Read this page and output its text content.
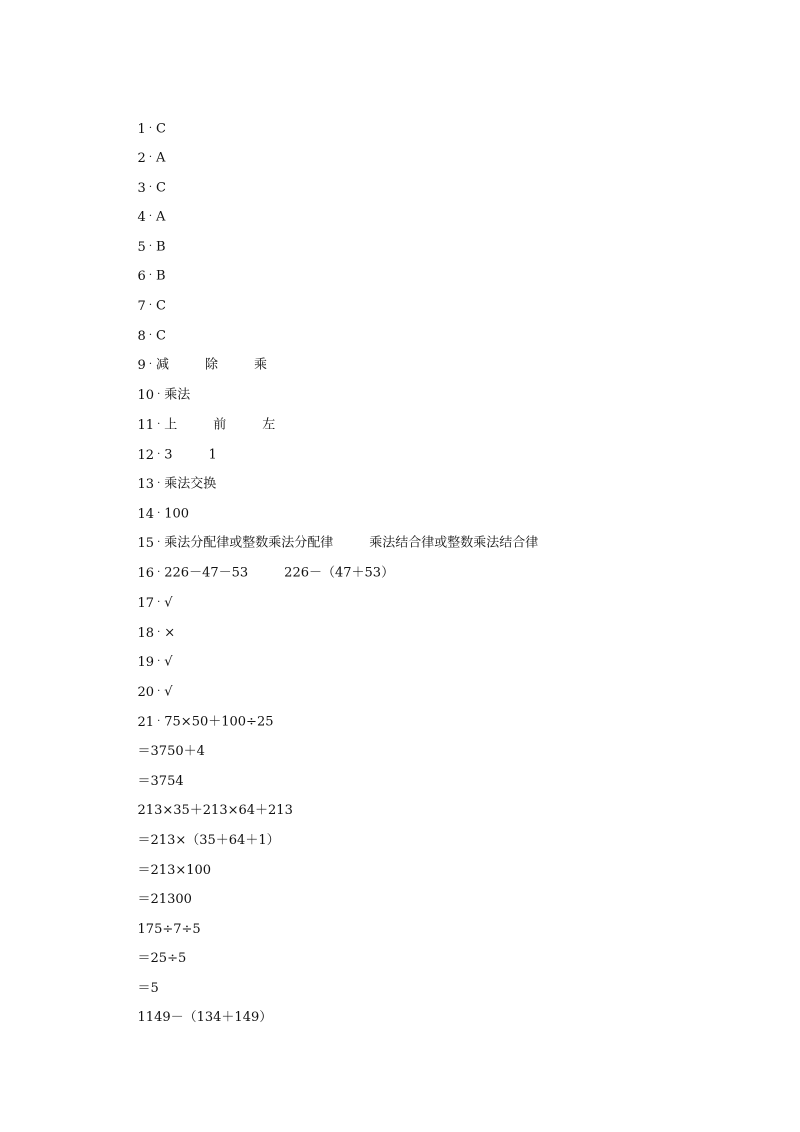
1 · C

2 · A

3 · C

4 · A

5 · B

6 · B

7 · C

8 · C

9 · 减	除	乘

10 · 乘法

11 · 上	前	左

12 · 3	1

13 · 乘法交换

14 · 100

15 · 乘法分配律或整数乘法分配律	乘法结合律或整数乘法结合律

16 · 226－47－53	226－（47＋53）

17 · √

18 · ×

19 · √

20 · √

21 · 75×50＋100÷25

＝3750＋4

＝3754

213×35＋213×64＋213

＝213×（35＋64＋1）

＝213×100

＝21300

175÷7÷5

＝25÷5

＝5

1149－（134＋149）
